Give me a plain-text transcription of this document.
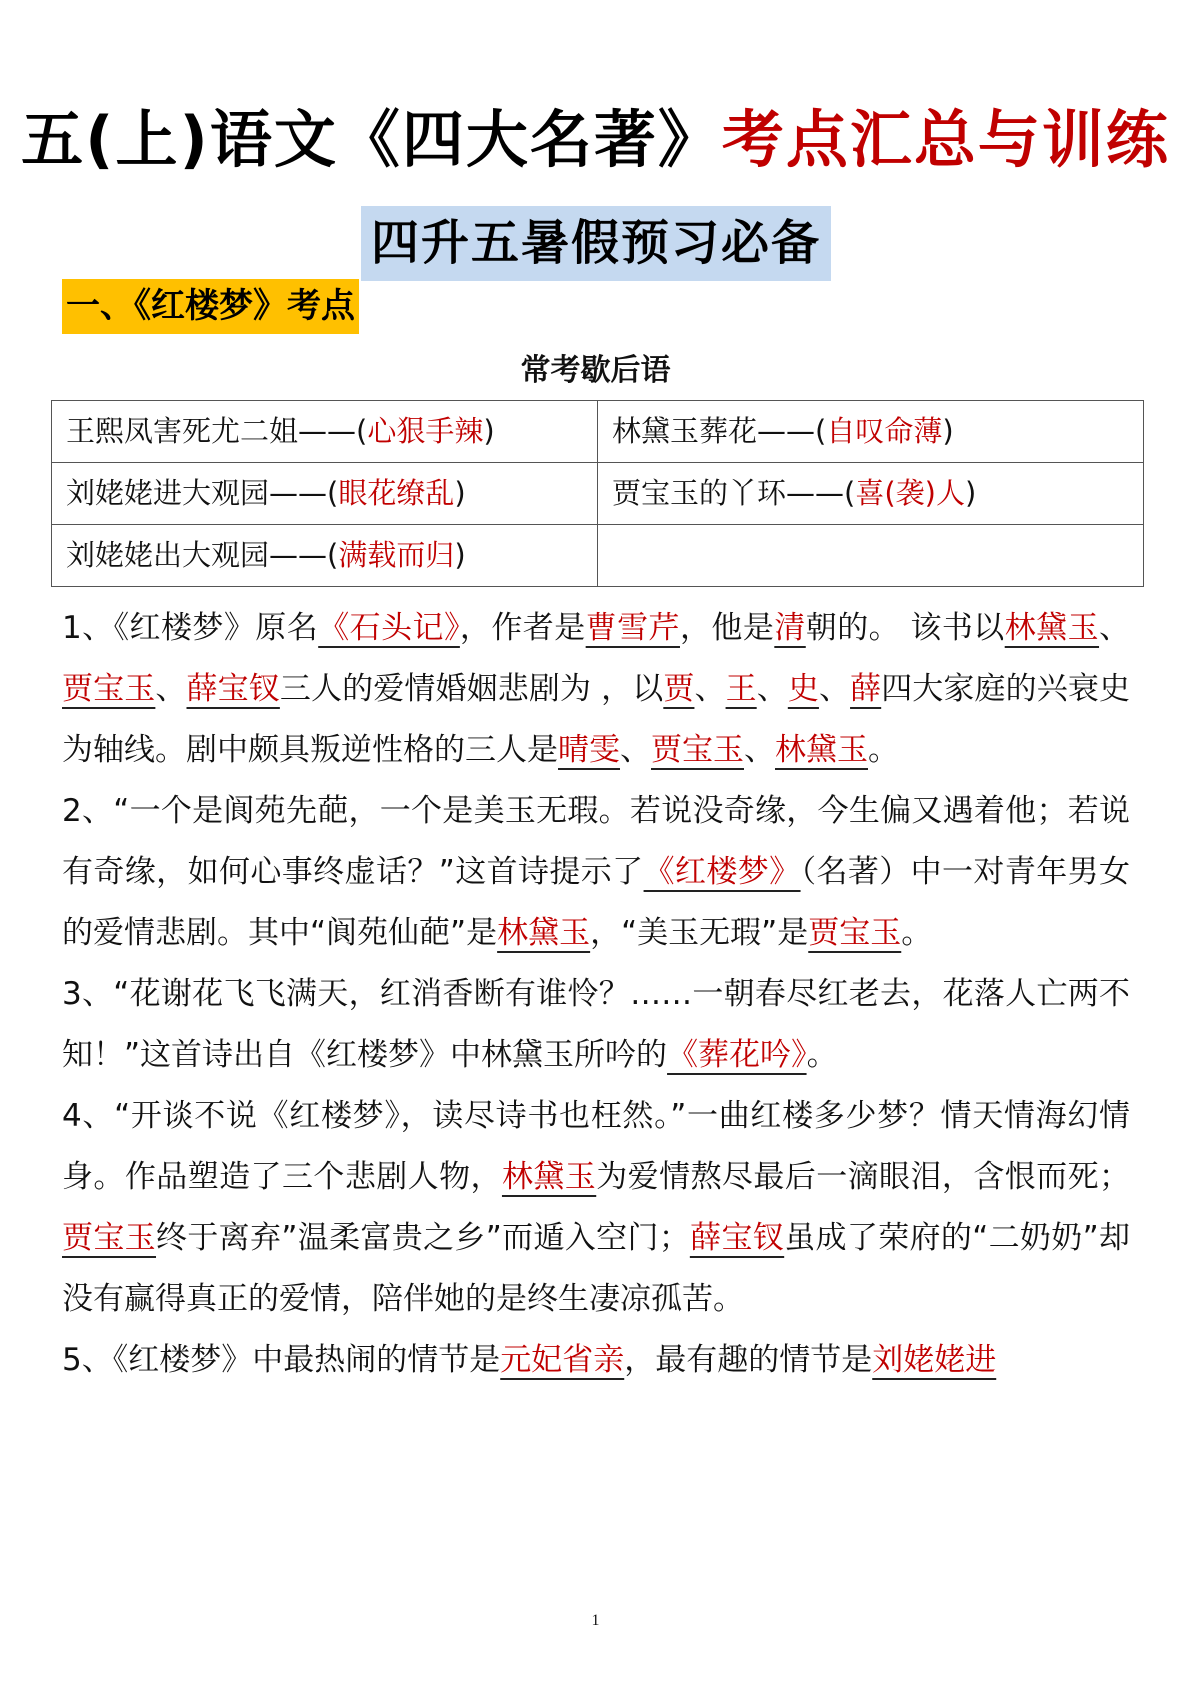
五(上)语文《四大名著》考点汇总与训练
四升五暑假预习必备
一、《红楼梦》考点
常考歇后语
王熙凤害死尤二姐——(心狠手辣)	林黛玉葬花——(自叹命薄)
刘姥姥进大观园——(眼花缭乱)	贾宝玉的丫环——(喜(袭)人)
刘姥姥出大观园——(满载而归)	

1、《红楼梦》原名《石头记》，作者是曹雪芹，他是清朝的。 该书以林黛玉、贾宝玉、薛宝钗三人的爱情婚姻悲剧为 ，以贾、王、史、薛四大家庭的兴衰史为轴线。剧中颇具叛逆性格的三人是晴雯、贾宝玉、林黛玉。

2、“一个是阆苑先葩，一个是美玉无瑕。若说没奇缘，今生偏又遇着他；若说有奇缘，如何心事终虚话？”这首诗提示了《红楼梦》（名著）中一对青年男女的爱情悲剧。其中“阆苑仙葩”是林黛玉，“美玉无瑕”是贾宝玉。

3、“花谢花飞飞满天，红消香断有谁怜？……一朝春尽红老去，花落人亡两不知！”这首诗出自《红楼梦》中林黛玉所吟的《葬花吟》。

4、“开谈不说《红楼梦》，读尽诗书也枉然。”一曲红楼多少梦？情天情海幻情身。作品塑造了三个悲剧人物，林黛玉为爱情熬尽最后一滴眼泪，含恨而死；贾宝玉终于离弃”温柔富贵之乡”而遁入空门；薛宝钗虽成了荣府的“二奶奶”却没有赢得真正的爱情，陪伴她的是终生凄凉孤苦。

5、《红楼梦》中最热闹的情节是元妃省亲，最有趣的情节是刘姥姥进

1
